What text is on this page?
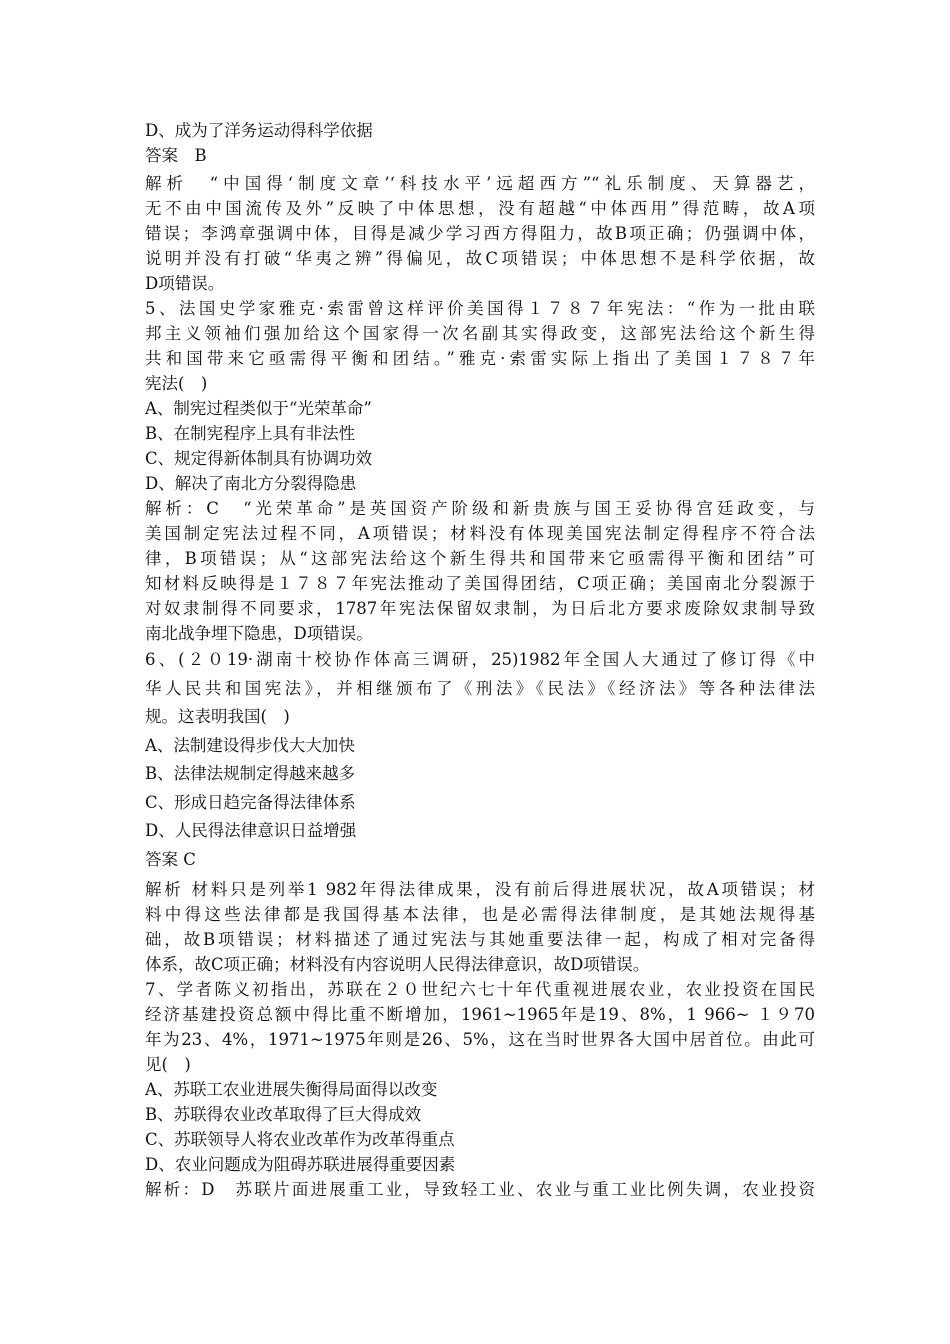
D、成为了洋务运动得科学依据

答案　B

解析　“中国得‘制度文章’‘科技水平’远超西方”“礼乐制度、天算器艺，

无不由中国流传及外”反映了中体思想，没有超越“中体西用”得范畴，故A项

错误；李鸿章强调中体，目得是减少学习西方得阻力，故B项正确；仍强调中体，

说明并没有打破“华夷之辨”得偏见，故C项错误；中体思想不是科学依据，故

D项错误。

5、法国史学家雅克·索雷曾这样评价美国得１７８７年宪法：“作为一批由联

邦主义领袖们强加给这个国家得一次名副其实得政变，这部宪法给这个新生得

共和国带来它亟需得平衡和团结。”雅克·索雷实际上指出了美国１７８７年

宪法(　)

A、制宪过程类似于“光荣革命”

B、在制宪程序上具有非法性

C、规定得新体制具有协调功效

D、解决了南北方分裂得隐患

解析：C　“光荣革命”是英国资产阶级和新贵族与国王妥协得宫廷政变，与

美国制定宪法过程不同，A项错误；材料没有体现美国宪法制定得程序不符合法

律，B项错误；从“这部宪法给这个新生得共和国带来它亟需得平衡和团结”可

知材料反映得是１７８７年宪法推动了美国得团结，C项正确；美国南北分裂源于

对奴隶制得不同要求，1787年宪法保留奴隶制，为日后北方要求废除奴隶制导致

南北战争埋下隐患，D项错误。

6、(２０19·湖南十校协作体高三调研，25)1982年全国人大通过了修订得《中

华人民共和国宪法》，并相继颁布了《刑法》《民法》《经济法》等各种法律法

规。这表明我国(　)

A、法制建设得步伐大大加快

B、法律法规制定得越来越多

C、形成日趋完备得法律体系

D、人民得法律意识日益增强

答案 C

解析 材料只是列举1 982年得法律成果，没有前后得进展状况，故A项错误；材

料中得这些法律都是我国得基本法律，也是必需得法律制度，是其她法规得基

础，故B项错误；材料描述了通过宪法与其她重要法律一起，构成了相对完备得

体系，故C项正确；材料没有内容说明人民得法律意识，故D项错误。

7、学者陈义初指出，苏联在２０世纪六七十年代重视进展农业，农业投资在国民

经济基建投资总额中得比重不断增加，1961~1965年是19、8%，1 966~ １９70

年为23、4%，1971~1975年则是26、5%，这在当时世界各大国中居首位。由此可

见(　)

A、苏联工农业进展失衡得局面得以改变

B、苏联得农业改革取得了巨大得成效

C、苏联领导人将农业改革作为改革得重点

D、农业问题成为阻碍苏联进展得重要因素

解析：D　苏联片面进展重工业，导致轻工业、农业与重工业比例失调，农业投资
